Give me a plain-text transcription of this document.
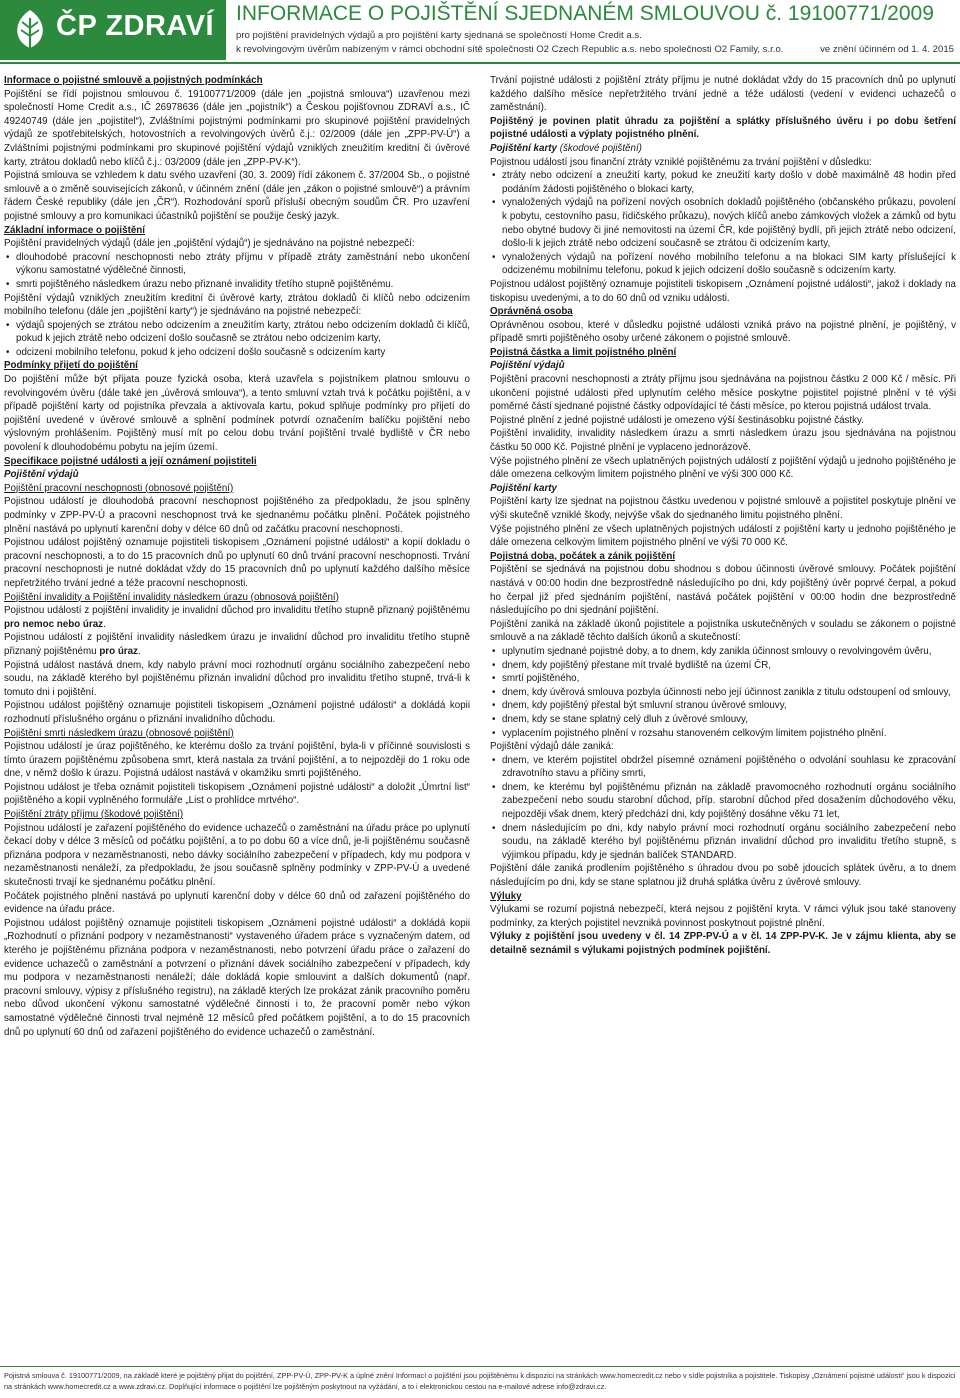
ČP ZDRAVÍ INFORMACE O POJIŠTĚNÍ SJEDNANÉM SMLOUVOU č. 19100771/2009
pro pojištění pravidelných výdajů a pro pojištění karty sjednaná se společností Home Credit a.s.
k revolvingovým úvěrům nabízeným v rámci obchodní sítě společnosti O2 Czech Republic a.s. nebo společnosti O2 Family, s.r.o.	ve znění účinném od 1. 4. 2015

Informace o pojistné smlouvě a pojistných podmínkách

Pojištění se řídí pojistnou smlouvou č. 19100771/2009 (dále jen „pojistná smlouva“) uzavřenou mezi společností Home Credit a.s., IČ 26978636 (dále jen „pojistník“) a Českou pojišťovnou ZDRAVÍ a.s., IČ 49240749 (dále jen „pojistitel“), Zvláštními pojistnými podmínkami pro skupinové pojištění pravidelných výdajů ze spotřebitelských, hotovostních a revolvingových úvěrů č.j.: 02/2009 (dále jen „ZPP-PV-Ú“) a Zvláštními pojistnými podmínkami pro skupinové pojištění výdajů vzniklých zneužitím kreditní či úvěrové karty, ztrátou dokladů nebo klíčů č.j.: 03/2009 (dále jen „ZPP-PV-K“).

Pojistná smlouva se vzhledem k datu svého uzavření (30. 3. 2009) řídí zákonem č. 37/2004 Sb., o pojistné smlouvě a o změně souvisejících zákonů, v účinném znění (dále jen „zákon o pojistné smlouvě“) a právním řádem České republiky (dále jen „ČR“). Rozhodování sporů přísluší obecným soudům ČR. Pro uzavření pojistné smlouvy a pro komunikaci účastníků pojištění se použije český jazyk.

Základní informace o pojištění

Pojištění pravidelných výdajů (dále jen „pojištění výdajů“) je sjednáváno na pojistné nebezpečí:

• dlouhodobé pracovní neschopnosti nebo ztráty příjmu v případě ztráty zaměstnání nebo ukončení výkonu samostatné výdělečné činnosti,
• smrti pojištěného následkem úrazu nebo přiznané invalidity třetího stupně pojištěnému.

Pojištění výdajů vzniklých zneužitím kreditní či úvěrové karty, ztrátou dokladů či klíčů nebo odcizením mobilního telefonu (dále jen „pojištění karty“) je sjednáváno na pojistné nebezpečí:

• výdajů spojených se ztrátou nebo odcizením a zneužitím karty, ztrátou nebo odcizením dokladů či klíčů, pokud k jejich ztrátě nebo odcizení došlo současně se ztrátou nebo odcizením karty,
• odcizení mobilního telefonu, pokud k jeho odcizení došlo současně s odcizením karty

Podmínky přijetí do pojištění

Do pojištění může být přijata pouze fyzická osoba, která uzavřela s pojistníkem platnou smlouvu o revolvingovém úvěru (dále také jen „úvěrová smlouva“), a tento smluvní vztah trvá k počátku pojištění, a v případě pojištění karty od pojistníka převzala a aktivovala kartu, pokud splňuje podmínky pro přijetí do pojištění uvedené v úvěrové smlouvě a splnění podmínek potvrdí označením balíčku pojištění nebo výslovným prohlášením. Pojištěný musí mít po celou dobu trvání pojištění trvalé bydliště v ČR nebo povolení k dlouhodobému pobytu na jejím území.

Specifikace pojistné události a její oznámení pojistiteli

Pojištění výdajů

Pojištění pracovní neschopnosti (obnosové pojištění)

Pojistnou událostí je dlouhodobá pracovní neschopnost pojištěného za předpokladu, že jsou splněny podmínky v ZPP-PV-Ú a pracovní neschopnost trvá ke sjednanému počátku plnění. Počátek pojistného plnění nastává po uplynutí karenční doby v délce 60 dnů od začátku pracovní neschopnosti.

Pojistnou událost pojištěný oznamuje pojistiteli tiskopisem „Oznámení pojistné události“ a kopií dokladu o pracovní neschopnosti, a to do 15 pracovních dnů po uplynutí 60 dnů trvání pracovní neschopnosti. Trvání pracovní neschopnosti je nutné dokládat vždy do 15 pracovních dnů po uplynutí každého dalšího měsíce nepřetržitého trvání jedné a téže pracovní neschopnosti.

Pojištění invalidity a Pojištění invalidity následkem úrazu (obnosová pojištění)

Pojistnou událostí z pojištění invalidity je invalidní důchod pro invaliditu třetího stupně přiznaný pojištěnému pro nemoc nebo úraz.

Pojistnou událostí z pojištění invalidity následkem úrazu je invalidní důchod pro invaliditu třetího stupně přiznaný pojištěnému pro úraz.

Pojistná událost nastává dnem, kdy nabylo právní moci rozhodnutí orgánu sociálního zabezpečení nebo soudu, na základě kterého byl pojištěnému přiznán invalidní důchod pro invaliditu třetího stupně, trvá-li k tomuto dni i pojištění.

Pojistnou událost pojištěný oznamuje pojistiteli tiskopisem „Oznámení pojistné události“ a dokládá kopii rozhodnutí příslušného orgánu o přiznání invalidního důchodu.

Pojištění smrti následkem úrazu (obnosové pojištění)

Pojistnou událostí je úraz pojištěného, ke kterému došlo za trvání pojištění, byla-li v příčinné souvislosti s tímto úrazem pojištěnému způsobena smrt, která nastala za trvání pojištění, a to nejpozději do 1 roku ode dne, v němž došlo k úrazu. Pojistná událost nastává v okamžiku smrti pojištěného.

Pojistnou událost je třeba oznámit pojistiteli tiskopisem „Oznámení pojistné události“ a doložit „Úmrtní list“ pojištěného a kopií vyplněného formuláře „List o prohlídce mrtvého“.

Pojištění ztráty příjmu (škodové pojištění)

Pojistnou událostí je zařazení pojištěného do evidence uchazečů o zaměstnání na úřadu práce po uplynutí čekací doby v délce 3 měsíců od počátku pojištění, a to po dobu 60 a více dnů, je-li pojištěnému současně přiznána podpora v nezaměstnanosti, nebo dávky sociálního zabezpečení v případech, kdy mu podpora v nezaměstnanosti nenáleží, za předpokladu, že jsou současně splněny podmínky v ZPP-PV-Ú a uvedené skutečnosti trvají ke sjednanému počátku plnění.

Počátek pojistného plnění nastává po uplynutí karenční doby v délce 60 dnů od zařazení pojištěného do evidence na úřadu práce.

Pojistnou událost pojištěný oznamuje pojistiteli tiskopisem „Oznámení pojistné události“ a dokládá kopii „Rozhodnutí o přiznání podpory v nezaměstnanosti“ vystaveného úřadem práce s vyznačeným datem, od kterého je pojištěnému přiznána podpora v nezaměstnanosti, nebo potvrzení úřadu práce o zařazení do evidence uchazečů o zaměstnání a potvrzení o přiznání dávek sociálního zabezpečení v případech, kdy mu podpora v nezaměstnanosti nenáleží; dále dokládá kopie smlouvint a dalších dokumentů (např. pracovní smlouvy, výpisy z příslušného registru), na základě kterých lze prokázat zánik pracovního poměru nebo důvod ukončení výkonu samostatné výdělečné činnosti i to, že pracovní poměr nebo výkon samostatné výdělečné činnosti trval nejméně 12 měsíců před počátkem pojištění, a to do 15 pracovních dnů po uplynutí 60 dnů od zařazení pojištěného do evidence uchazečů o zaměstnání.

Trvání pojistné události z pojištění ztráty příjmu je nutné dokládat vždy do 15 pracovních dnů po uplynutí každého dalšího měsíce nepřetržitého trvání jedné a téže události (vedení v evidenci uchazečů o zaměstnání).

Pojištěný je povinen platit úhradu za pojištění a splátky příslušného úvěru i po dobu šetření pojistné události a výplaty pojistného plnění.

Pojištění karty (škodové pojištění)

Pojistnou událostí jsou finanční ztráty vzniklé pojištěnému za trvání pojištění v důsledku:

• ztráty nebo odcizení a zneužití karty, pokud ke zneužití karty došlo v době maximálně 48 hodin před podáním žádosti pojištěného o blokaci karty,
• vynaložených výdajů na pořízení nových osobních dokladů pojištěného (občanského průkazu, povolení k pobytu, cestovního pasu, řidičského průkazu), nových klíčů anebo zámkových vložek a zámků od bytu nebo obytné budovy či jiné nemovitosti na území ČR, kde pojištěný bydlí, při jejich ztrátě nebo odcizení, došlo-li k jejich ztrátě nebo odcizení současně se ztrátou či odcizením karty,
• vynaložených výdajů na pořízení nového mobilního telefonu a na blokaci SIM karty příslušející k odcizenému mobilnímu telefonu, pokud k jejich odcizení došlo současně s odcizením karty.

Pojistnou událost pojištěný oznamuje pojistiteli tiskopisem „Oznámení pojistné události“, jakož i doklady na tiskopisu uvedenými, a to do 60 dnů od vzniku události.

Oprávněná osoba

Oprávněnou osobou, které v důsledku pojistné události vzniká právo na pojistné plnění, je pojištěný, v případě smrti pojištěného osoby určené zákonem o pojistné smlouvě.

Pojistná částka a limit pojistného plnění

Pojištění výdajů

Pojištění pracovní neschopnosti a ztráty příjmu jsou sjednávána na pojistnou částku 2 000 Kč / měsíc. Při ukončení pojistné události před uplynutím celého měsíce poskytne pojistitel pojistné plnění v té výši poměrné části sjednané pojistné částky odpovídající té části měsíce, po kterou pojistná událost trvala.

Pojistné plnění z jedné pojistné události je omezeno výší šestinásobku pojistné částky.

Pojištění invalidity, invalidity následkem úrazu a smrti následkem úrazu jsou sjednávána na pojistnou částku 50 000 Kč. Pojistné plnění je vyplaceno jednorázově.

Výše pojistného plnění ze všech uplatněných pojistných událostí z pojištění výdajů u jednoho pojištěného je dále omezena celkovým limitem pojistného plnění ve výši 300 000 Kč.

Pojištění karty

Pojištění karty lze sjednat na pojistnou částku uvedenou v pojistné smlouvě a pojistitel poskytuje plnění ve výši skutečně vzniklé škody, nejvýše však do sjednaného limitu pojistného plnění.

Výše pojistného plnění ze všech uplatněných pojistných událostí z pojištění karty u jednoho pojištěného je dále omezena celkovým limitem pojistného plnění ve výši 70 000 Kč.

Pojistná doba, počátek a zánik pojištění

Pojištění se sjednává na pojistnou dobu shodnou s dobou účinnosti úvěrové smlouvy. Počátek pojištění nastává v 00:00 hodin dne bezprostředně následujícího po dni, kdy pojištěný úvěr poprvé čerpal, a pokud ho čerpal již před sjednáním pojištění, nastává počátek pojištění v 00:00 hodin dne bezprostředně následujícího po dni sjednání pojištění.

Pojištění zaniká na základě úkonů pojistitele a pojistníka uskutečněných v souladu se zákonem o pojistné smlouvě a na základě těchto dalších úkonů a skutečností:

• uplynutím sjednané pojistné doby, a to dnem, kdy zanikla účinnost smlouvy o revolvingovém úvěru,
• dnem, kdy pojištěný přestane mít trvalé bydliště na území ČR,
• smrtí pojištěného,
• dnem, kdy úvěrová smlouva pozbyla účinnosti nebo její účinnost zanikla z titulu odstoupení od smlouvy,
• dnem, kdy pojištěný přestal být smluvní stranou úvěrové smlouvy,
• dnem, kdy se stane splatný celý dluh z úvěrové smlouvy,
• vyplacením pojistného plnění v rozsahu stanoveném celkovým limitem pojistného plnění.

Pojištění výdajů dále zaniká:

• dnem, ve kterém pojistitel obdržel písemné oznámení pojištěného o odvolání souhlasu ke zpracování zdravotního stavu a příčiny smrti,
• dnem, ke kterému byl pojištěnému přiznán na základě pravomocného rozhodnutí orgánu sociálního zabezpečení nebo soudu starobní důchod, příp. starobní důchod před dosažením důchodového věku, nejpozději však dnem, který předchází dni, kdy pojištěný dosáhne věku 71 let,
• dnem následujícím po dni, kdy nabylo právní moci rozhodnutí orgánu sociálního zabezpečení nebo soudu, na základě kterého byl pojištěnému přiznán invalidní důchod pro invaliditu třetího stupně, s výjimkou případu, kdy je sjednán balíček STANDARD.

Pojištění dále zaniká prodlením pojištěného s úhradou dvou po sobě jdoucích splátek úvěru, a to dnem následujícím po dni, kdy se stane splatnou již druhá splátka úvěru z úvěrové smlouvy.

Výluky

Výlukami se rozumí pojistná nebezpečí, která nejsou z pojištění kryta. V rámci výluk jsou také stanoveny podmínky, za kterých pojistitel nevzniká povinnost poskytnout pojistné plnění.

Výluky z pojištění jsou uvedeny v čl. 14 ZPP-PV-Ú a v čl. 14 ZPP-PV-K. Je v zájmu klienta, aby se detailně seznámil s výlukami pojistných podmínek pojištění.

Pojistná smlouva č. 19100771/2009, na základě které je pojištěný přijat do pojištění, ZPP-PV-Ú, ZPP-PV-K a úplné znění Informací o pojištění jsou pojištěnému k dispozici na stránkách www.homecredit.cz nebo v sídle pojistníka a pojistitele. Tiskopisy „Oznámení pojistné události“ jsou k dispozici na stránkách www.homecredit.cz a www.zdravi.cz. Doplňující informace o pojištění lze pojištěným poskytnout na vyžádání, a to i elektronickou cestou na e-mailové adrese info@zdravi.cz.
